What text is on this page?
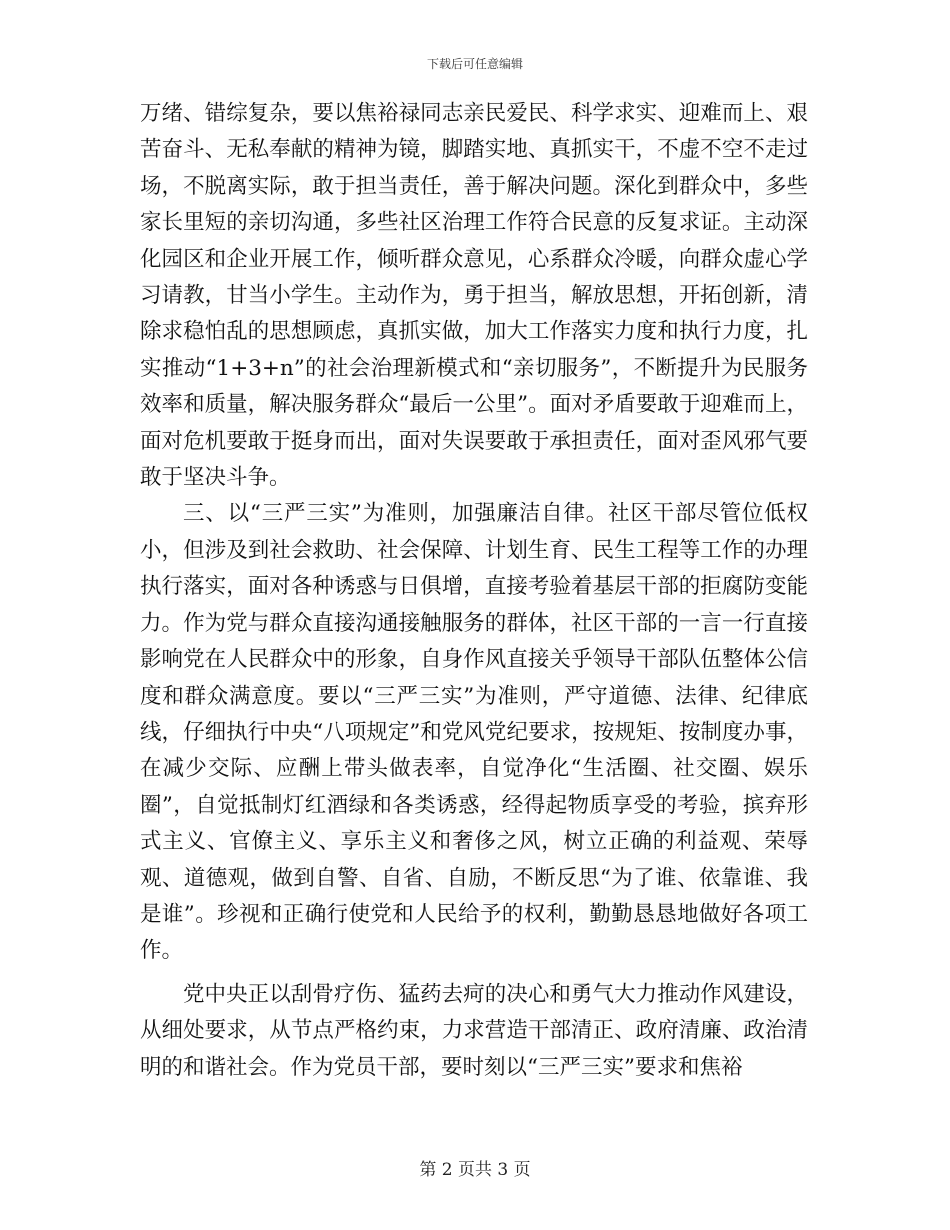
下载后可任意编辑

万绪、错综复杂，要以焦裕禄同志亲民爱民、科学求实、迎难而上、艰苦奋斗、无私奉献的精神为镜，脚踏实地、真抓实干，不虚不空不走过场，不脱离实际，敢于担当责任，善于解决问题。深化到群众中，多些家长里短的亲切沟通，多些社区治理工作符合民意的反复求证。主动深化园区和企业开展工作，倾听群众意见，心系群众冷暖，向群众虚心学习请教，甘当小学生。主动作为，勇于担当，解放思想，开拓创新，清除求稳怕乱的思想顾虑，真抓实做，加大工作落实力度和执行力度，扎实推动“1+3+n”的社会治理新模式和“亲切服务”，不断提升为民服务效率和质量，解决服务群众“最后一公里”。面对矛盾要敢于迎难而上，面对危机要敢于挺身而出，面对失误要敢于承担责任，面对歪风邪气要敢于坚决斗争。

三、以“三严三实”为准则，加强廉洁自律。社区干部尽管位低权小，但涉及到社会救助、社会保障、计划生育、民生工程等工作的办理执行落实，面对各种诱惑与日俱增，直接考验着基层干部的拒腐防变能力。作为党与群众直接沟通接触服务的群体，社区干部的一言一行直接影响党在人民群众中的形象，自身作风直接关乎领导干部队伍整体公信度和群众满意度。要以“三严三实”为准则，严守道德、法律、纪律底线，仔细执行中央“八项规定”和党风党纪要求，按规矩、按制度办事，在减少交际、应酬上带头做表率，自觉净化“生活圈、社交圈、娱乐圈”，自觉抵制灯红酒绿和各类诱惑，经得起物质享受的考验，摈弃形式主义、官僚主义、享乐主义和奢侈之风，树立正确的利益观、荣辱观、道德观，做到自警、自省、自励，不断反思“为了谁、依靠谁、我是谁”。珍视和正确行使党和人民给予的权利，勤勤恳恳地做好各项工作。

党中央正以刮骨疗伤、猛药去疴的决心和勇气大力推动作风建设，从细处要求，从节点严格约束，力求营造干部清正、政府清廉、政治清明的和谐社会。作为党员干部，要时刻以“三严三实”要求和焦裕

第 2 页共 3 页
